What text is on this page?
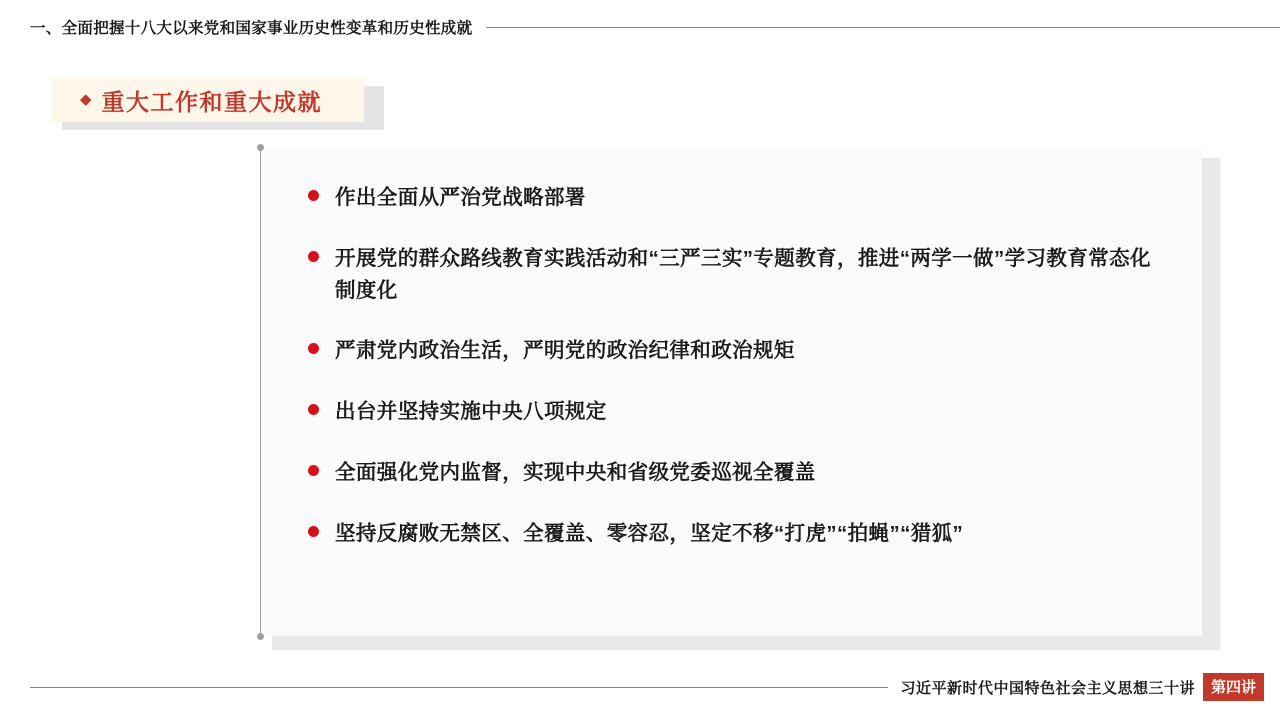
一、全面把握十八大以来党和国家事业历史性变革和历史性成就
◆ 重大工作和重大成就
作出全面从严治党战略部署
开展党的群众路线教育实践活动和“三严三实”专题教育，推进“两学一做”学习教育常态化制度化
严肃党内政治生活，严明党的政治纪律和政治规矩
出台并坚持实施中央八项规定
全面强化党内监督，实现中央和省级党委巡视全覆盖
坚持反腐败无禁区、全覆盖、零容忍，坚定不移“打虎”“拍蝇”“猎狐”
习近平新时代中国特色社会主义思想三十讲	第四讲
